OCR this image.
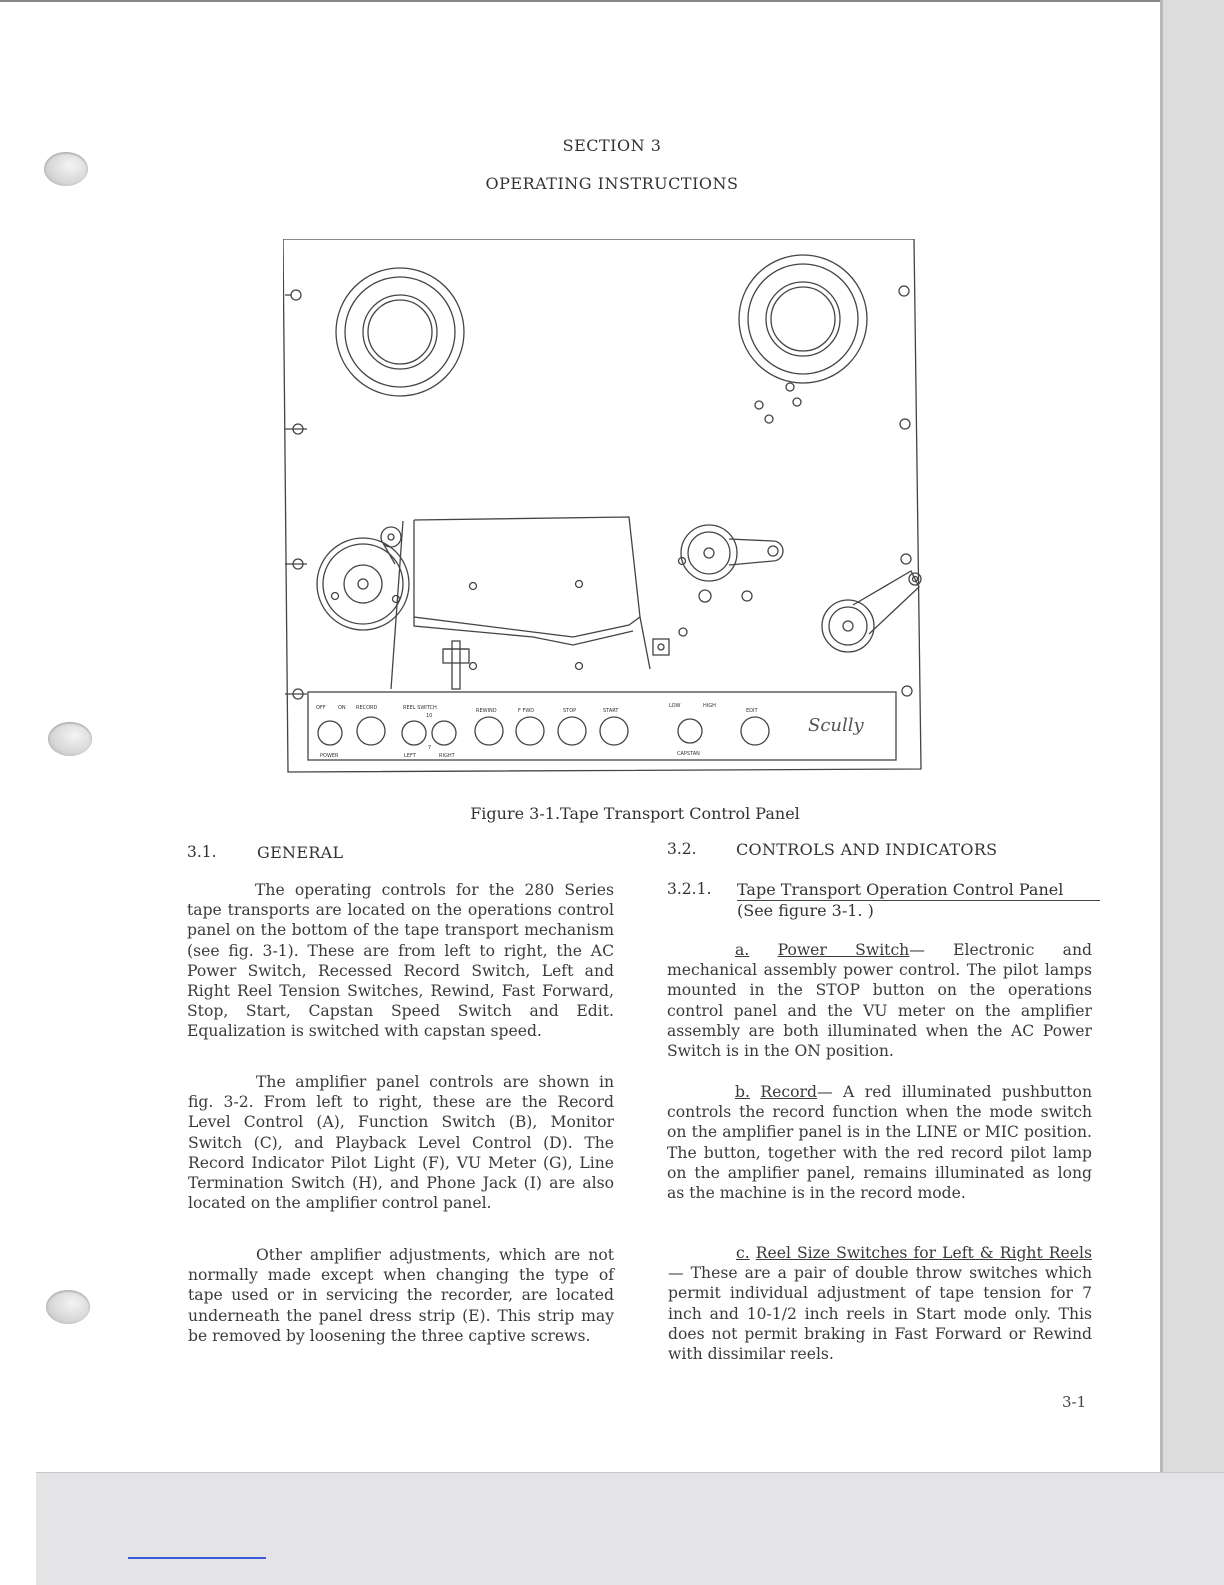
SECTION 3
OPERATING INSTRUCTIONS
OFF ON
POWER
RECORD	REEL SWITCH
10
7
LEFT	RIGHT
REWIND	F FWD	STOP	START
LOW	HIGH
CAPSTAN
EDIT
Scully
Figure 3-1.Tape Transport Control Panel
3.1.	GENERAL
The operating controls for the 280 Series tape transports are located on the operations control panel on the bottom of the tape transport mechanism (see fig. 3-1). These are from left to right, the AC Power Switch, Recessed Record Switch, Left and Right Reel Tension Switches, Rewind, Fast Forward, Stop, Start, Capstan Speed Switch and Edit. Equalization is switched with capstan speed.
The amplifier panel controls are shown in fig. 3-2. From left to right, these are the Record Level Control (A), Function Switch (B), Monitor Switch (C), and Playback Level Control (D). The Record Indicator Pilot Light (F), VU Meter (G), Line Termination Switch (H), and Phone Jack (I) are also located on the amplifier control panel.
Other amplifier adjustments, which are not normally made except when changing the type of tape used or in servicing the recorder, are located underneath the panel dress strip (E). This strip may be removed by loosening the three captive screws.
3.2. CONTROLS AND INDICATORS
3.2.1. Tape Transport Operation Control Panel
(See figure 3-1. )
a. Power Switch— Electronic and mechanical assembly power control. The pilot lamps mounted in the STOP button on the operations control panel and the VU meter on the amplifier assembly are both illuminated when the AC Power Switch is in the ON position.
b. Record— A red illuminated pushbutton controls the record function when the mode switch on the amplifier panel is in the LINE or MIC position. The button, together with the red record pilot lamp on the amplifier panel, remains illuminated as long as the machine is in the record mode.
c. Reel Size Switches for Left & Right Reels — These are a pair of double throw switches which permit individual adjustment of tape tension for 7 inch and 10-1/2 inch reels in Start mode only. This does not permit braking in Fast Forward or Rewind with dissimilar reels.
3-1
